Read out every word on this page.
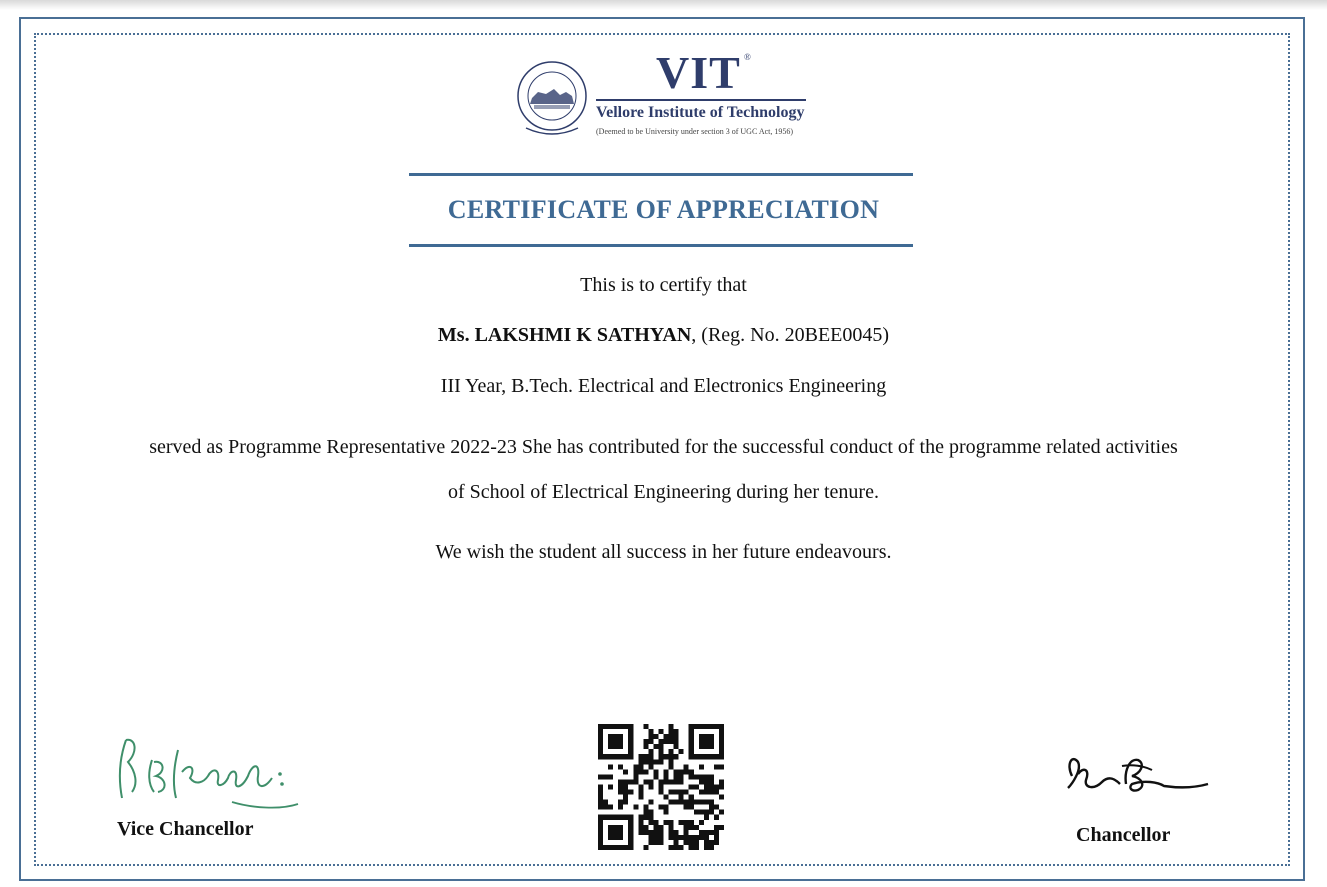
VIT ®
Vellore Institute of Technology
(Deemed to be University under section 3 of UGC Act, 1956)
CERTIFICATE OF APPRECIATION
This is to certify that
Ms. LAKSHMI K SATHYAN, (Reg. No. 20BEE0045)
III Year, B.Tech. Electrical and Electronics Engineering
served as Programme Representative 2022-23 She has contributed for the successful conduct of the programme related activities
of School of Electrical Engineering during her tenure.
We wish the student all success in her future endeavours.
Vice Chancellor	Chancellor
